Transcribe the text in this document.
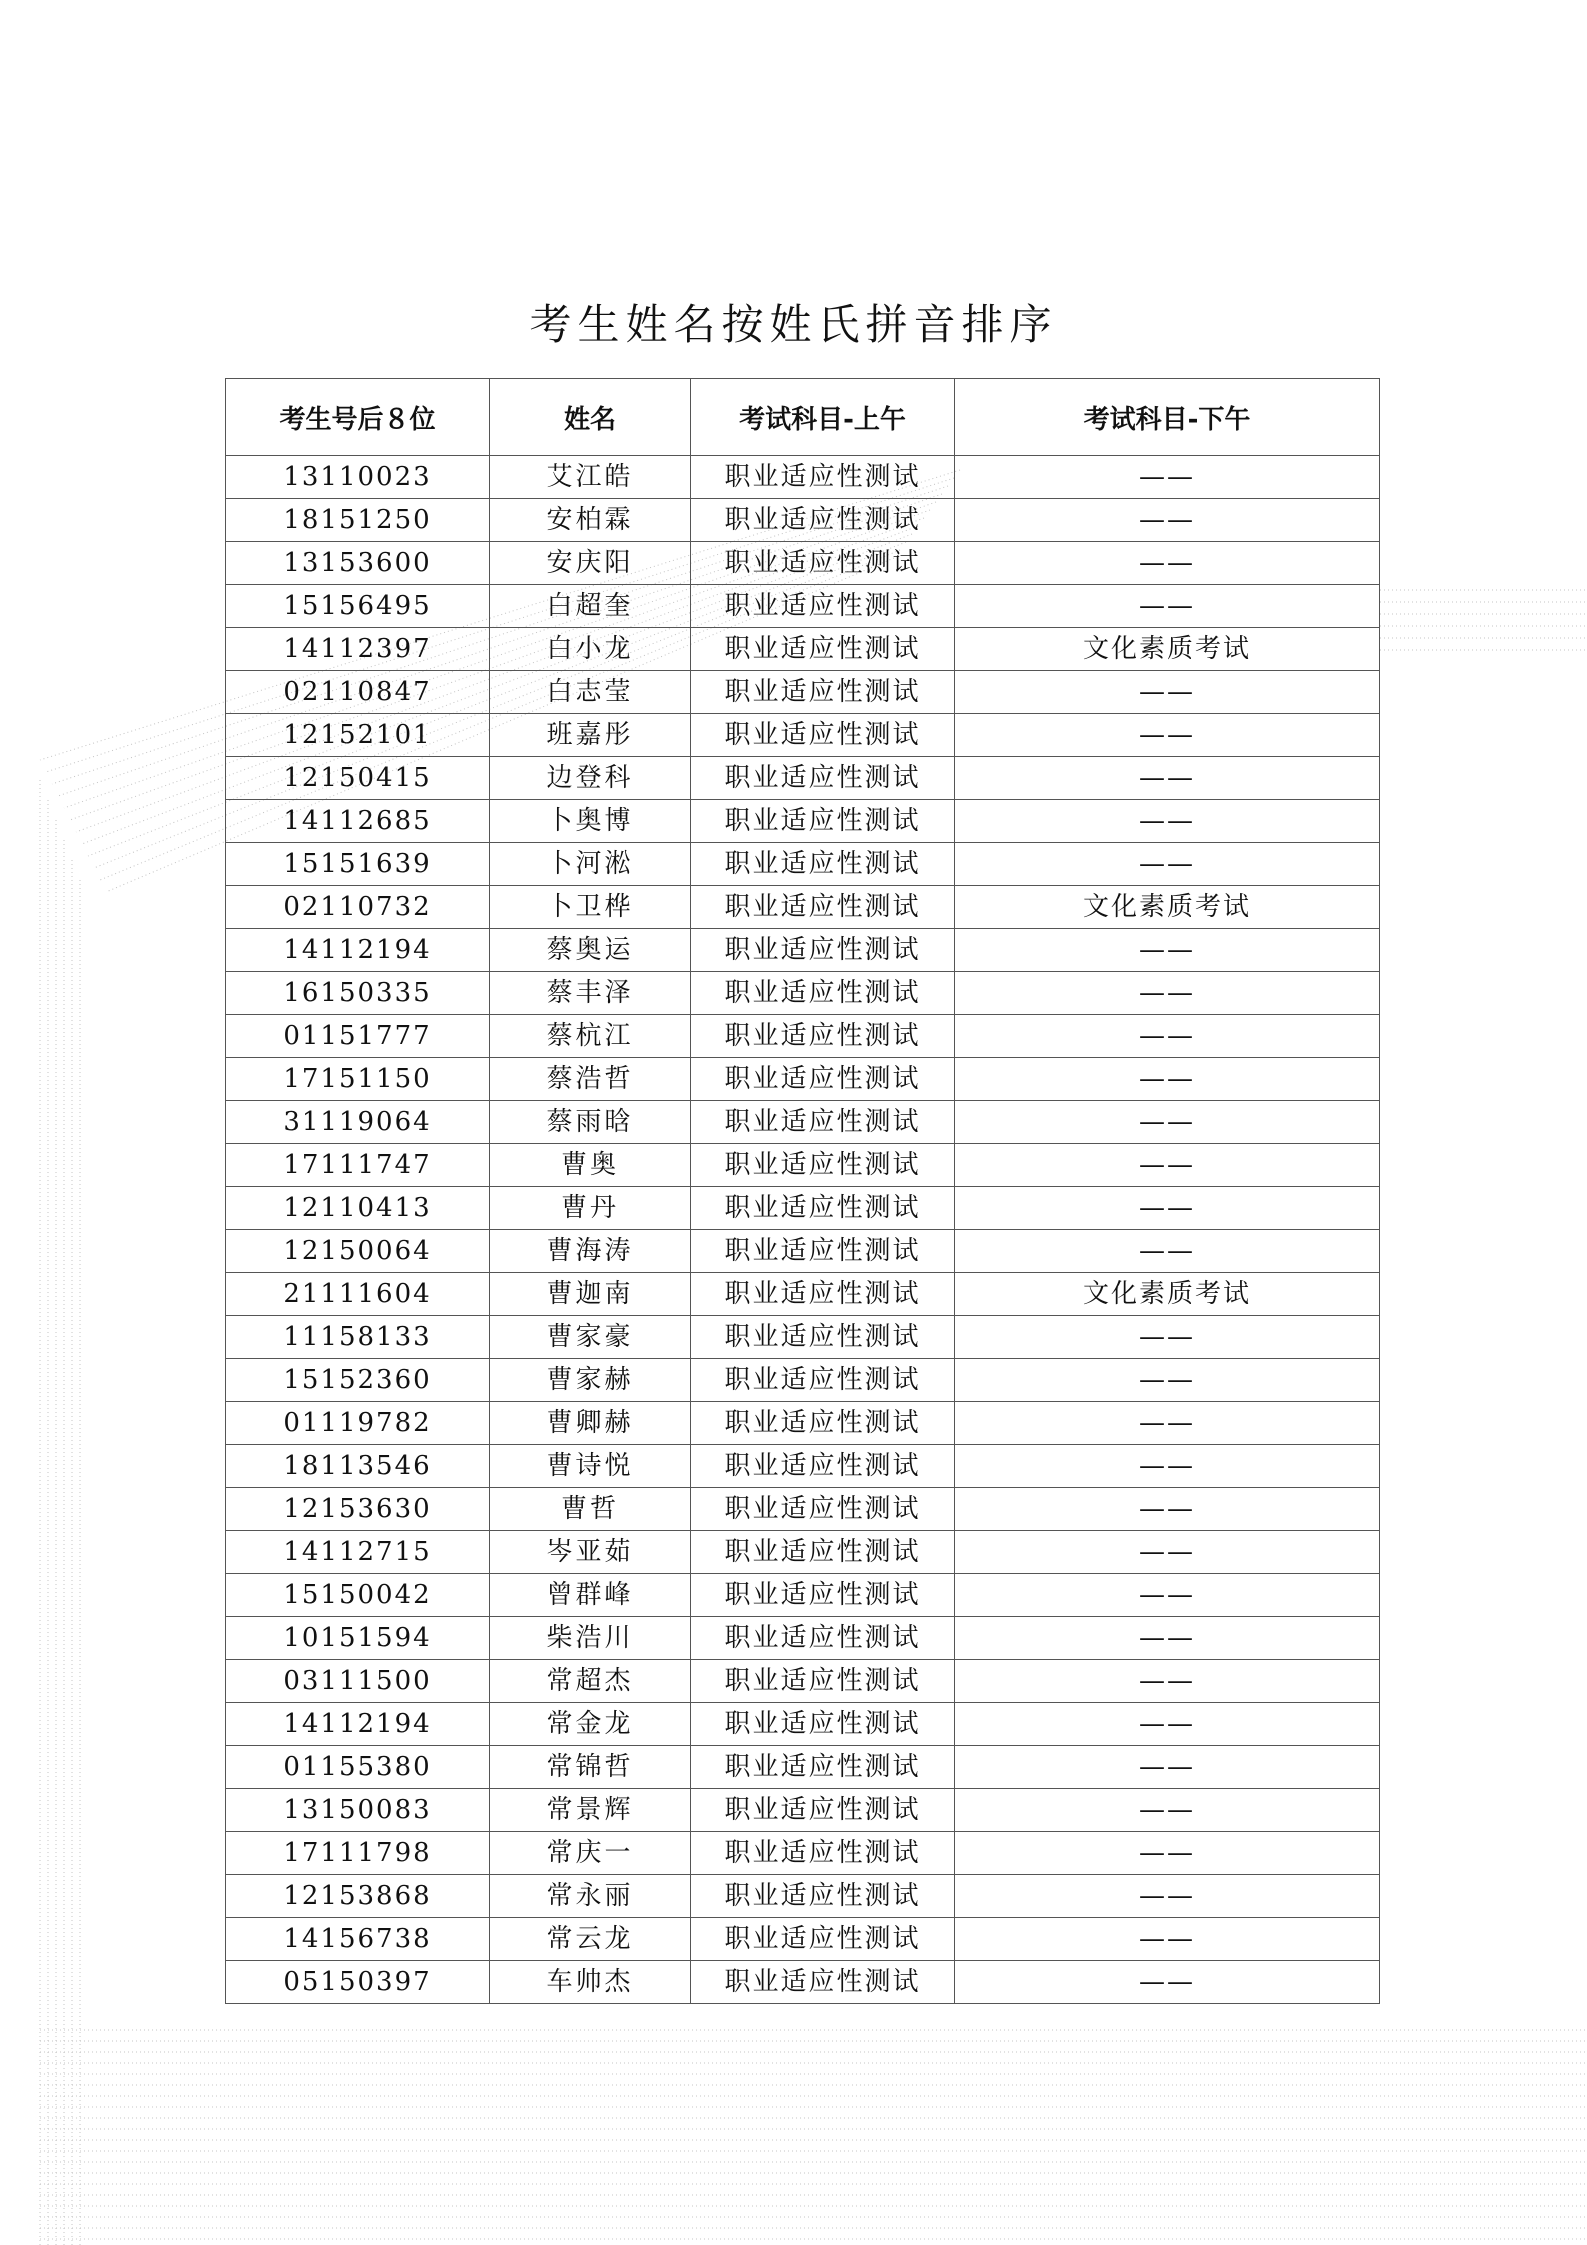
考生姓名按姓氏拼音排序
考生号后８位	姓名	考试科目-上午	考试科目-下午
13110023	艾江皓	职业适应性测试	——
18151250	安柏霖	职业适应性测试	——
13153600	安庆阳	职业适应性测试	——
15156495	白超奎	职业适应性测试	——
14112397	白小龙	职业适应性测试	文化素质考试
02110847	白志莹	职业适应性测试	——
12152101	班嘉彤	职业适应性测试	——
12150415	边登科	职业适应性测试	——
14112685	卜奥博	职业适应性测试	——
15151639	卜河淞	职业适应性测试	——
02110732	卜卫桦	职业适应性测试	文化素质考试
14112194	蔡奥运	职业适应性测试	——
16150335	蔡丰泽	职业适应性测试	——
01151777	蔡杭江	职业适应性测试	——
17151150	蔡浩哲	职业适应性测试	——
31119064	蔡雨晗	职业适应性测试	——
17111747	曹奥	职业适应性测试	——
12110413	曹丹	职业适应性测试	——
12150064	曹海涛	职业适应性测试	——
21111604	曹迦南	职业适应性测试	文化素质考试
11158133	曹家豪	职业适应性测试	——
15152360	曹家赫	职业适应性测试	——
01119782	曹卿赫	职业适应性测试	——
18113546	曹诗悦	职业适应性测试	——
12153630	曹哲	职业适应性测试	——
14112715	岑亚茹	职业适应性测试	——
15150042	曾群峰	职业适应性测试	——
10151594	柴浩川	职业适应性测试	——
03111500	常超杰	职业适应性测试	——
14112194	常金龙	职业适应性测试	——
01155380	常锦哲	职业适应性测试	——
13150083	常景辉	职业适应性测试	——
17111798	常庆一	职业适应性测试	——
12153868	常永丽	职业适应性测试	——
14156738	常云龙	职业适应性测试	——
05150397	车帅杰	职业适应性测试	——
